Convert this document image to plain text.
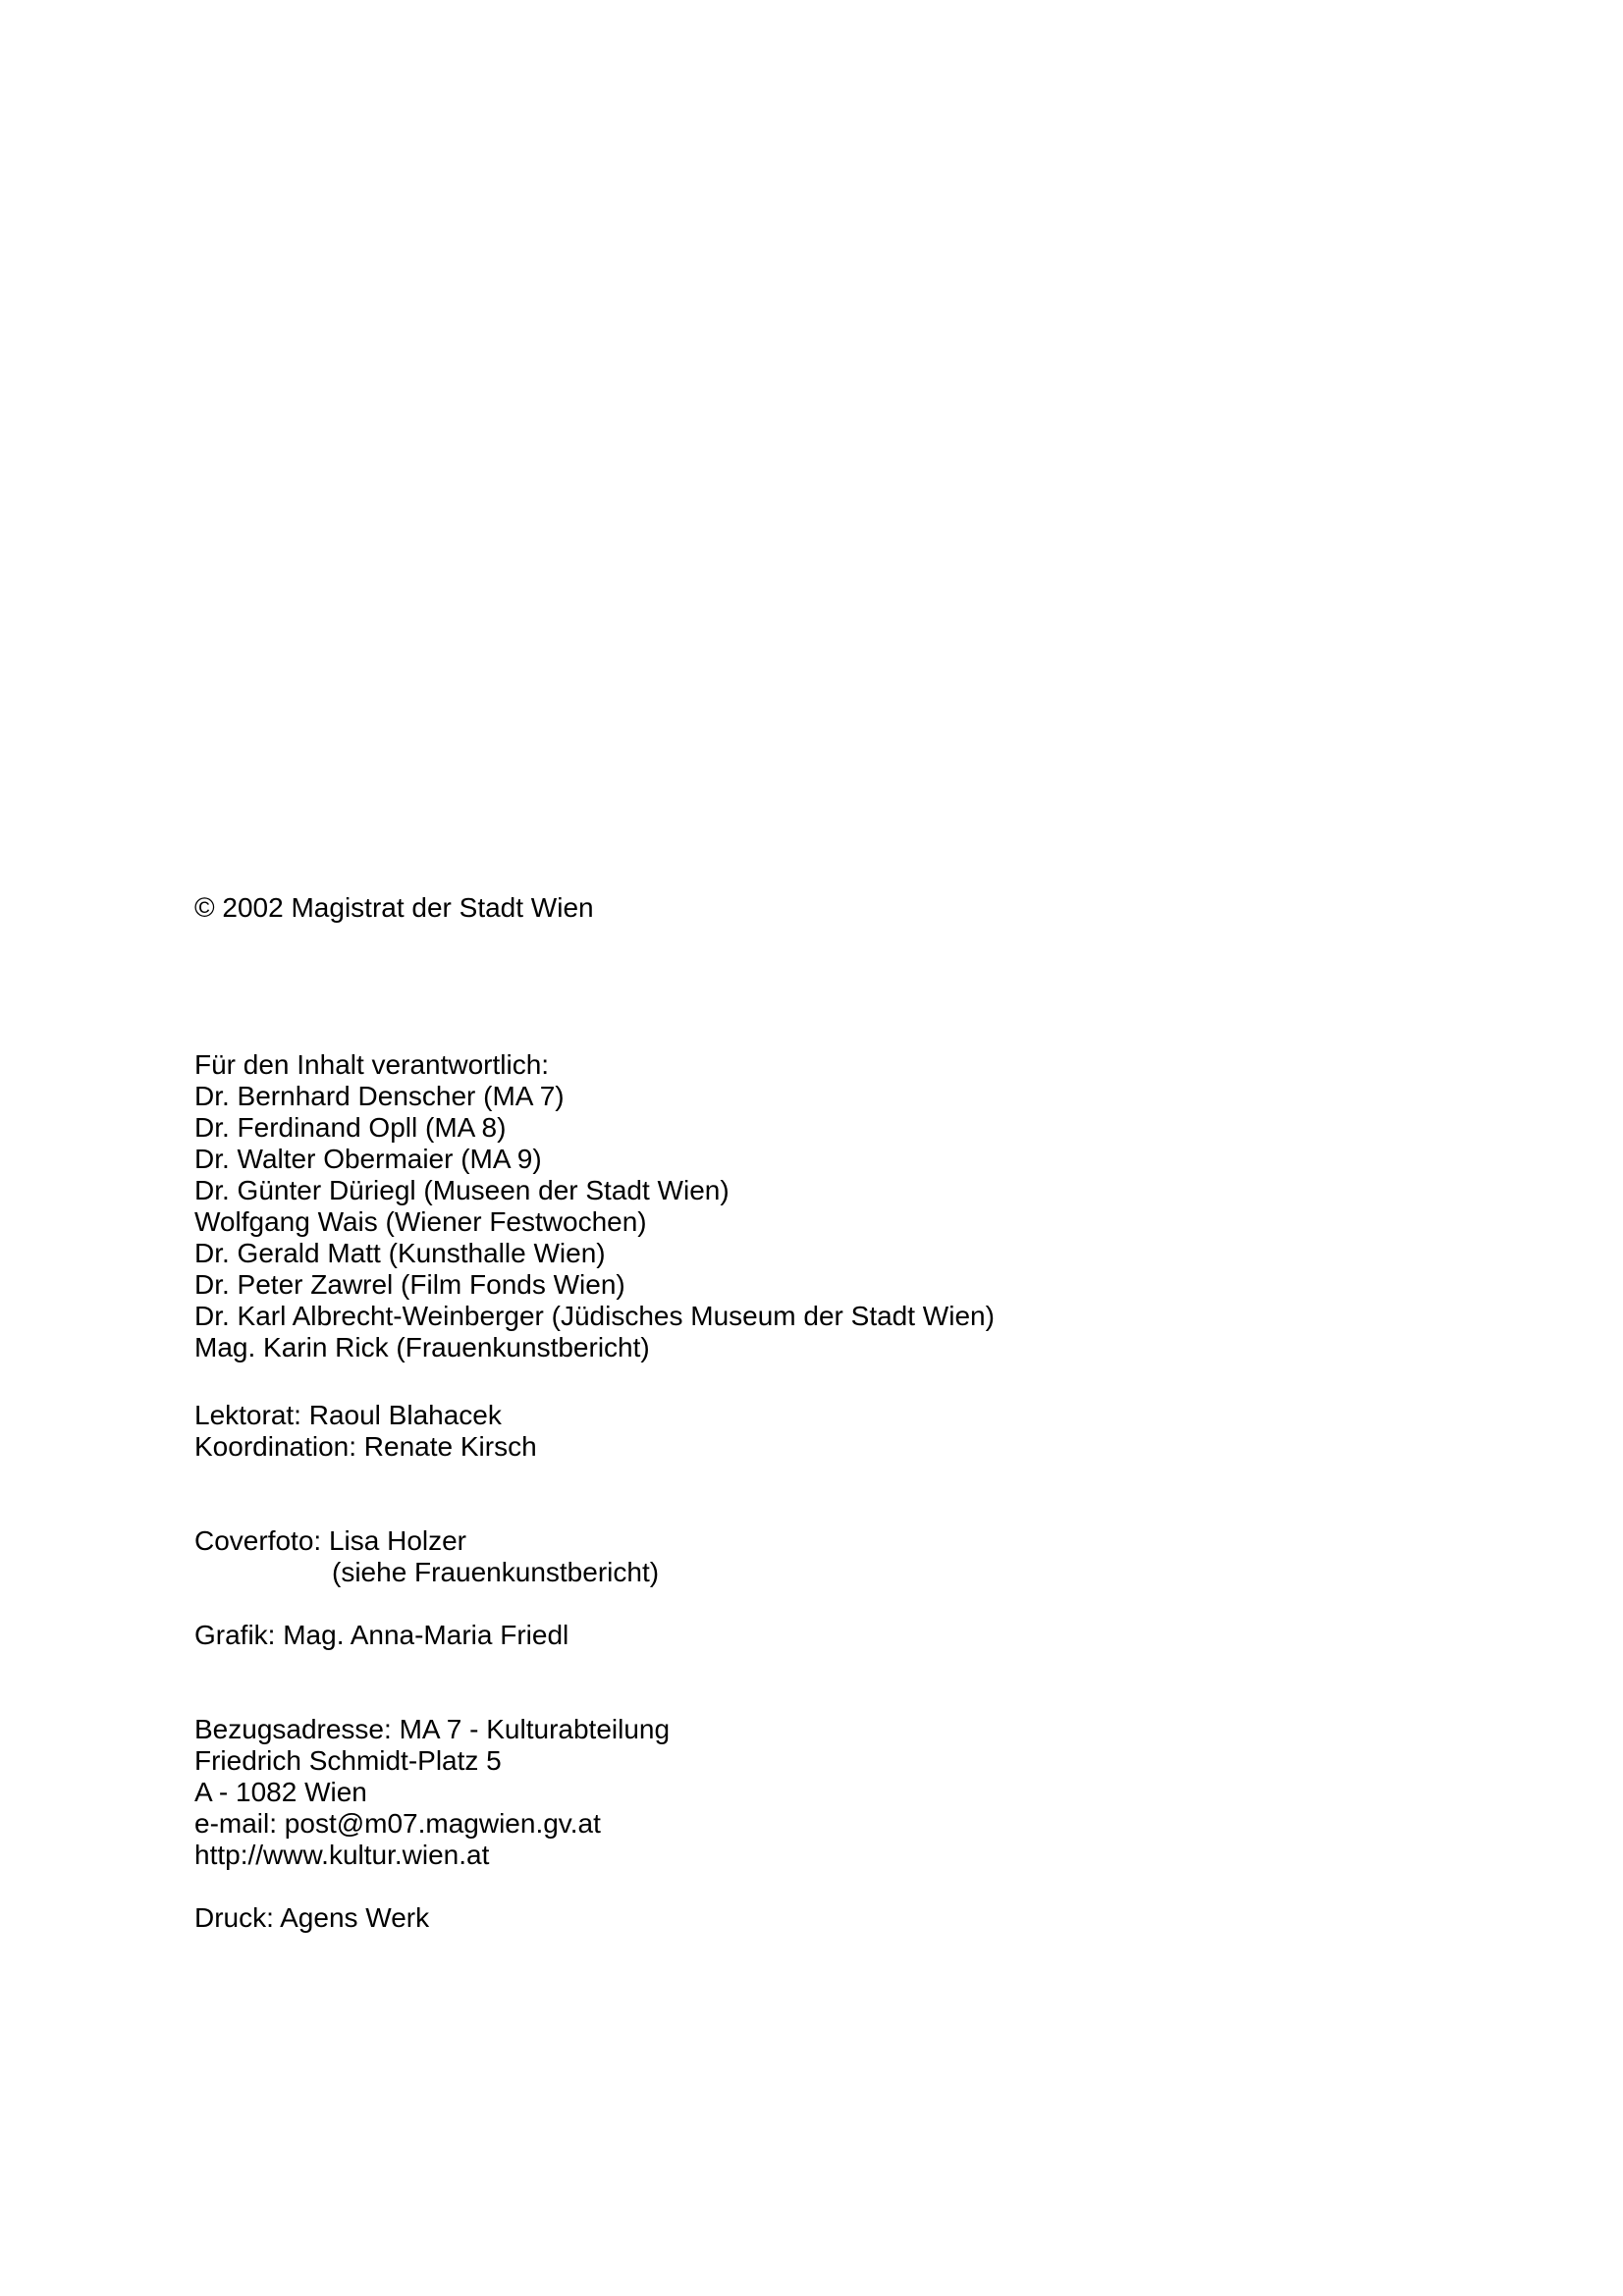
© 2002 Magistrat der Stadt Wien
Für den Inhalt verantwortlich:
Dr. Bernhard Denscher (MA 7)
Dr. Ferdinand Opll (MA 8)
Dr. Walter Obermaier (MA 9)
Dr. Günter Düriegl (Museen der Stadt Wien)
Wolfgang Wais (Wiener Festwochen)
Dr. Gerald Matt (Kunsthalle Wien)
Dr. Peter Zawrel (Film Fonds Wien)
Dr. Karl Albrecht-Weinberger (Jüdisches Museum der Stadt Wien)
Mag. Karin Rick (Frauenkunstbericht)
Lektorat: Raoul Blahacek
Koordination: Renate Kirsch
Coverfoto: Lisa Holzer
(siehe Frauenkunstbericht)
Grafik: Mag. Anna-Maria Friedl
Bezugsadresse: MA 7 - Kulturabteilung
Friedrich Schmidt-Platz 5
A - 1082 Wien
e-mail: post@m07.magwien.gv.at
http://www.kultur.wien.at
Druck: Agens Werk
